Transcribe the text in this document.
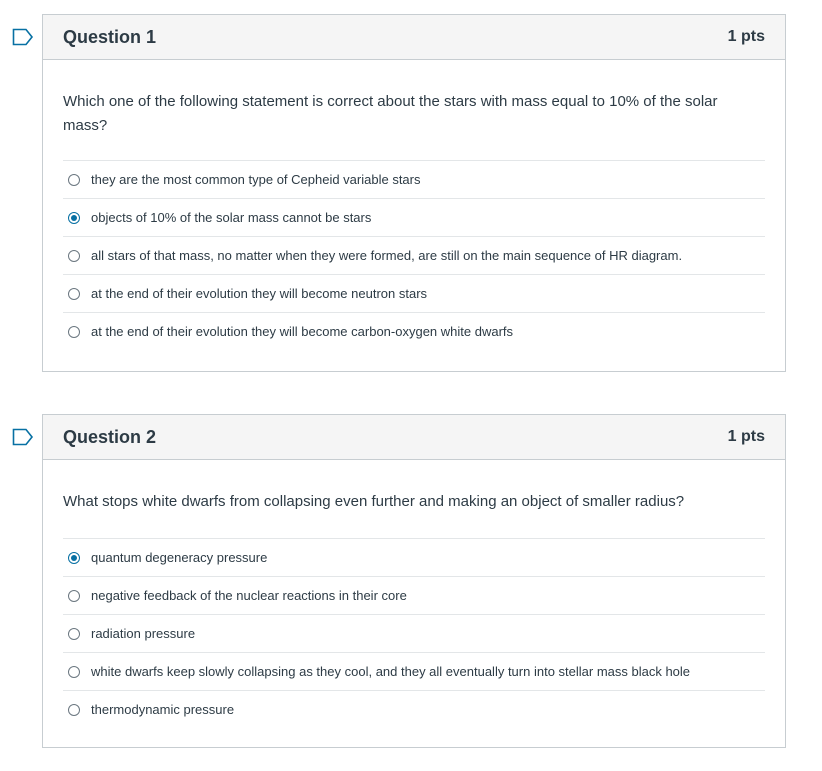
Question 1	1 pts

Which one of the following statement is correct about the stars with mass equal to 10% of the solar mass?

they are the most common type of Cepheid variable stars
objects of 10% of the solar mass cannot be stars
all stars of that mass, no matter when they were formed, are still on the main sequence of HR diagram.
at the end of their evolution they will become neutron stars
at the end of their evolution they will become carbon-oxygen white dwarfs
Question 2	1 pts

What stops white dwarfs from collapsing even further and making an object of smaller radius?

quantum degeneracy pressure
negative feedback of the nuclear reactions in their core
radiation pressure
white dwarfs keep slowly collapsing as they cool, and they all eventually turn into stellar mass black hole
thermodynamic pressure
